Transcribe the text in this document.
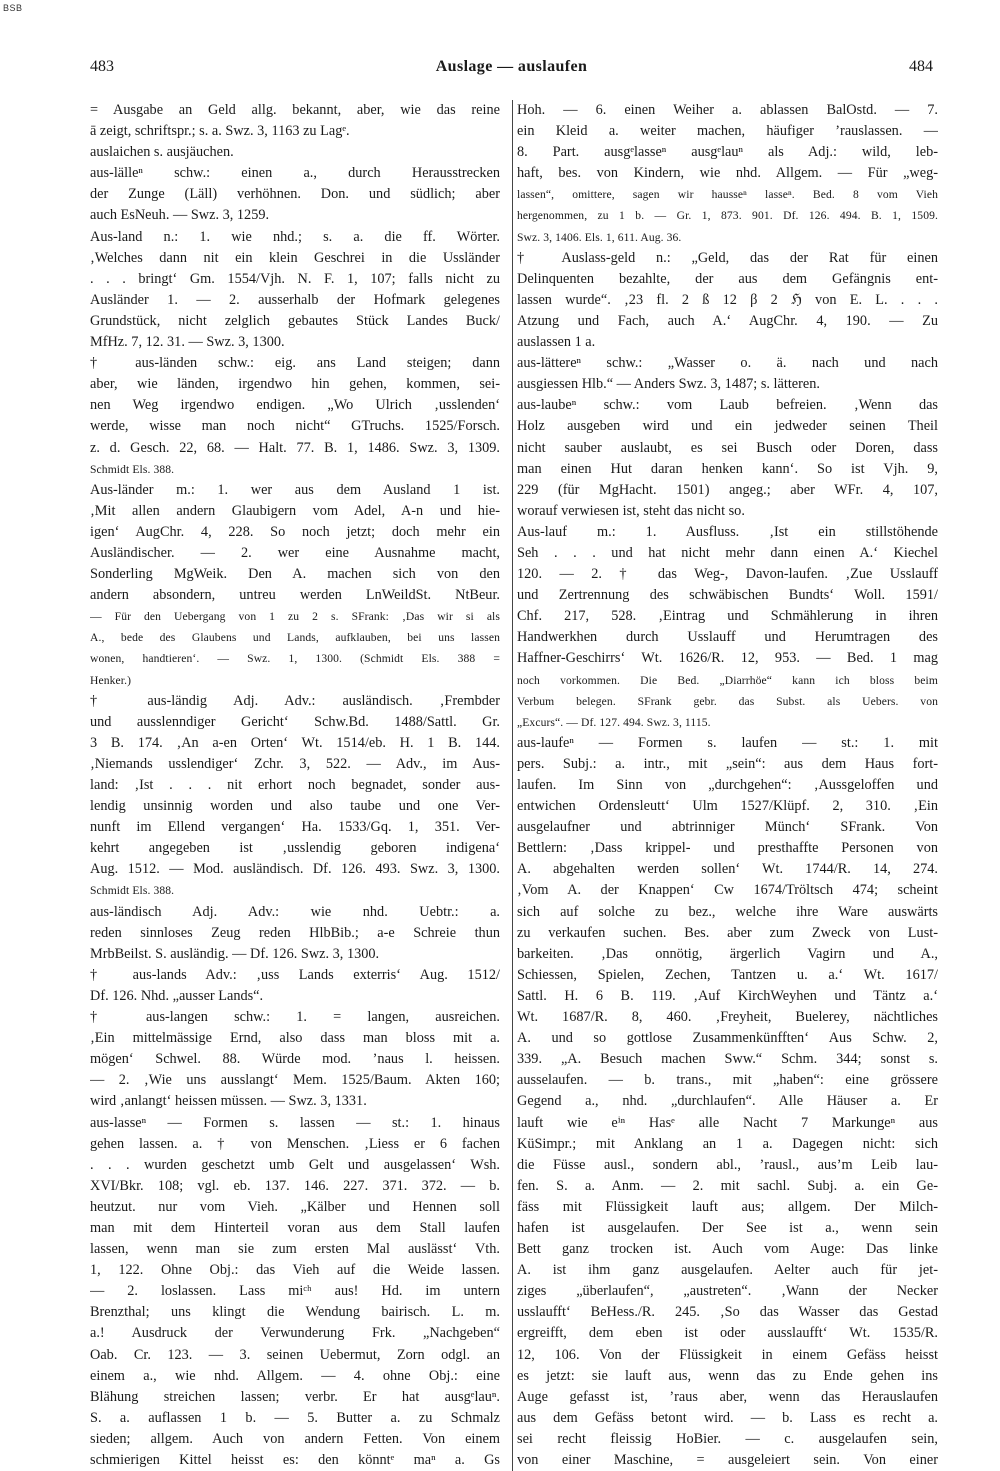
BSB
483	Auslage — auslaufen	484
= Ausgabe an Geld allg. bekannt, aber, wie das reine
ā zeigt, schriftspr.; s. a. Swz. 3, 1163 zu Lagᵉ.
auslaichen s. ausjäuchen.
aus-lälleⁿ schw.: einen a., durch Herausstrecken
der Zunge (Läll) verhöhnen. Don. und südlich; aber
auch EsNeuh. — Swz. 3, 1259.
Aus-land n.: 1. wie nhd.; s. a. die ff. Wörter.
‚Welches dann nit ein klein Geschrei in die Ussländer
. . . bringt‘ Gm. 1554/Vjh. N. F. 1, 107; falls nicht zu
Ausländer 1. — 2. ausserhalb der Hofmark gelegenes
Grundstück, nicht zelglich gebautes Stück Landes Buck/
MfHz. 7, 12. 31. — Swz. 3, 1300.
† aus-länden schw.: eig. ans Land steigen; dann
aber, wie länden, irgendwo hin gehen, kommen, sei-
nen Weg irgendwo endigen. „Wo Ulrich ‚usslenden‘
werde, wisse man noch nicht“ GTruchs. 1525/Forsch.
z. d. Gesch. 22, 68. — Halt. 77. B. 1, 1486. Swz. 3, 1309.
Schmidt Els. 388.
Aus-länder m.: 1. wer aus dem Ausland 1 ist.
‚Mit allen andern Glaubigern vom Adel, A-n und hie-
igen‘ AugChr. 4, 228. So noch jetzt; doch mehr ein
Ausländischer. — 2. wer eine Ausnahme macht,
Sonderling MgWeik. Den A. machen sich von den
andern absondern, untreu werden LnWeildSt. NtBeur.
— Für den Uebergang von 1 zu 2 s. SFrank: ‚Das wir si als
A., bede des Glaubens und Lands, aufklauben, bei uns lassen
wonen, handtieren‘. — Swz. 1, 1300. (Schmidt Els. 388 =
Henker.)
† aus-ländig Adj. Adv.: ausländisch. ‚Frembder
und ausslenndiger Gericht‘ Schw.Bd. 1488/Sattl. Gr.
3 B. 174. ‚An a-en Orten‘ Wt. 1514/eb. H. 1 B. 144.
‚Niemands usslendiger‘ Zchr. 3, 522. — Adv., im Aus-
land: ‚Ist . . . nit erhort noch begnadet, sonder aus-
lendig unsinnig worden und also taube und one Ver-
nunft im Ellend vergangen‘ Ha. 1533/Gq. 1, 351. Ver-
kehrt angegeben ist ‚usslendig geboren indigena‘
Aug. 1512. — Mod. ausländisch. Df. 126. 493. Swz. 3, 1300.
Schmidt Els. 388.
aus-ländisch Adj. Adv.: wie nhd. Uebtr.: a.
reden sinnloses Zeug reden HlbBib.; a-e Schreie thun
MrbBeilst. S. ausländig. — Df. 126. Swz. 3, 1300.
† aus-lands Adv.: ‚uss Lands exterris‘ Aug. 1512/
Df. 126. Nhd. „ausser Lands“.
† aus-langen schw.: 1. = langen, ausreichen.
‚Ein mittelmässige Ernd, also dass man bloss mit a.
mögen‘ Schwel. 88. Würde mod. ’naus l. heissen.
— 2. ‚Wie uns ausslangt‘ Mem. 1525/Baum. Akten 160;
wird ‚anlangt‘ heissen müssen. — Swz. 3, 1331.
aus-lasseⁿ — Formen s. lassen — st.: 1. hinaus
gehen lassen. a. † von Menschen. ‚Liess er 6 fachen
. . . wurden geschetzt umb Gelt und ausgelassen‘ Wsh.
XVI/Bkr. 108; vgl. eb. 137. 146. 227. 371. 372. — b.
heutzut. nur vom Vieh. „Kälber und Hennen soll
man mit dem Hinterteil voran aus dem Stall laufen
lassen, wenn man sie zum ersten Mal auslässt‘ Vth.
1, 122. Ohne Obj.: das Vieh auf die Weide lassen.
— 2. loslassen. Lass miᶜʰ aus! Hd. im untern
Brenzthal; uns klingt die Wendung bairisch. L. m.
a.! Ausdruck der Verwunderung Frk. „Nachgeben“
Oab. Cr. 123. — 3. seinen Uebermut, Zorn odgl. an
einem a., wie nhd. Allgem. — 4. ohne Obj.: eine
Blähung streichen lassen; verbr. Er hat ausgᵉlauⁿ.
S. a. auflassen 1 b. — 5. Butter a. zu Schmalz
sieden; allgem. Auch von andern Fetten. Von einem
schmierigen Kittel heisst es: den könntᵉ maⁿ a. Gs
Hoh. — 6. einen Weiher a. ablassen BalOstd. — 7.
ein Kleid a. weiter machen, häufiger ’rauslassen. —
8. Part. ausgᵉlasseⁿ ausgᵉlauⁿ als Adj.: wild, leb-
haft, bes. von Kindern, wie nhd. Allgem. — Für „weg-
lassen“, omittere, sagen wir hausseⁿ lasseⁿ. Bed. 8 vom Vieh
hergenommen, zu 1 b. — Gr. 1, 873. 901. Df. 126. 494. B. 1, 1509.
Swz. 3, 1406. Els. 1, 611. Aug. 36.
† Auslass-geld n.: „Geld, das der Rat für einen
Delinquenten bezahlte, der aus dem Gefängnis ent-
lassen wurde“. ‚23 fl. 2 ß 12 β 2 ℌ von E. L. . . .
Atzung und Fach, auch A.‘ AugChr. 4, 190. — Zu
auslassen 1 a.
aus-lättereⁿ schw.: „Wasser o. ä. nach und nach
ausgiessen Hlb.“ — Anders Swz. 3, 1487; s. lätteren.
aus-laubeⁿ schw.: vom Laub befreien. ‚Wenn das
Holz ausgeben wird und ein jedweder seinen Theil
nicht sauber auslaubt, es sei Busch oder Doren, dass
man einen Hut daran henken kann‘. So ist Vjh. 9,
229 (für MgHacht. 1501) angeg.; aber WFr. 4, 107,
worauf verwiesen ist, steht das nicht so.
Aus-lauf m.: 1. Ausfluss. ‚Ist ein stillstöhende
Seh . . . und hat nicht mehr dann einen A.‘ Kiechel
120. — 2. † das Weg-, Davon-laufen. ‚Zue Usslauff
und Zertrennung des schwäbischen Bundts‘ Woll. 1591/
Chf. 217, 528. ‚Eintrag und Schmählerung in ihren
Handwerkhen durch Usslauff und Herumtragen des
Haffner-Geschirrs‘ Wt. 1626/R. 12, 953. — Bed. 1 mag
noch vorkommen. Die Bed. „Diarrhöe“ kann ich bloss beim
Verbum belegen. SFrank gebr. das Subst. als Uebers. von
„Excurs“. — Df. 127. 494. Swz. 3, 1115.
aus-laufeⁿ — Formen s. laufen — st.: 1. mit
pers. Subj.: a. intr., mit „sein“: aus dem Haus fort-
laufen. Im Sinn von „durchgehen“: ‚Aussgeloffen und
entwichen Ordensleutt‘ Ulm 1527/Klüpf. 2, 310. ‚Ein
ausgelaufner und abtrinniger Münch‘ SFrank. Von
Bettlern: ‚Dass krippel- und presthaffte Personen von
A. abgehalten werden sollen‘ Wt. 1744/R. 14, 274.
‚Vom A. der Knappen‘ Cw 1674/Tröltsch 474; scheint
sich auf solche zu bez., welche ihre Ware auswärts
zu verkaufen suchen. Bes. aber zum Zweck von Lust-
barkeiten. ‚Das onnötig, ärgerlich Vagirn und A.,
Schiessen, Spielen, Zechen, Tantzen u. a.‘ Wt. 1617/
Sattl. H. 6 B. 119. ‚Auf KirchWeyhen und Täntz a.‘
Wt. 1687/R. 8, 460. ‚Freyheit, Buelerey, nächtliches
A. und so gottlose Zusammenkünfften‘ Aus Schw. 2,
339. „A. Besuch machen Sww.“ Schm. 344; sonst s.
ausselaufen. — b. trans., mit „haben“: eine grössere
Gegend a., nhd. „durchlaufen“. Alle Häuser a. Er
lauft wie eⁱⁿ Hasᵉ alle Nacht 7 Markungeⁿ aus
KüSimpr.; mit Anklang an 1 a. Dagegen nicht: sich
die Füsse ausl., sondern abl., ’rausl., aus’m Leib lau-
fen. S. a. Anm. — 2. mit sachl. Subj. a. ein Ge-
fäss mit Flüssigkeit lauft aus; allgem. Der Milch-
hafen ist ausgelaufen. Der See ist a., wenn sein
Bett ganz trocken ist. Auch vom Auge: Das linke
A. ist ihm ganz ausgelaufen. Aelter auch für jet-
ziges „überlaufen“, „austreten“. ‚Wann der Necker
usslaufft‘ BeHess./R. 245. ‚So das Wasser das Gestad
ergreifft, dem eben ist oder ausslaufft‘ Wt. 1535/R.
12, 106. Von der Flüssigkeit in einem Gefäss heisst
es jetzt: sie lauft aus, wenn das zu Ende gehen ins
Auge gefasst ist, ’raus aber, wenn das Herauslaufen
aus dem Gefäss betont wird. — b. Lass es recht a.
sei recht fleissig HoBier. — c. ausgelaufen sein,
von einer Maschine, = ausgeleiert sein. Von einer
